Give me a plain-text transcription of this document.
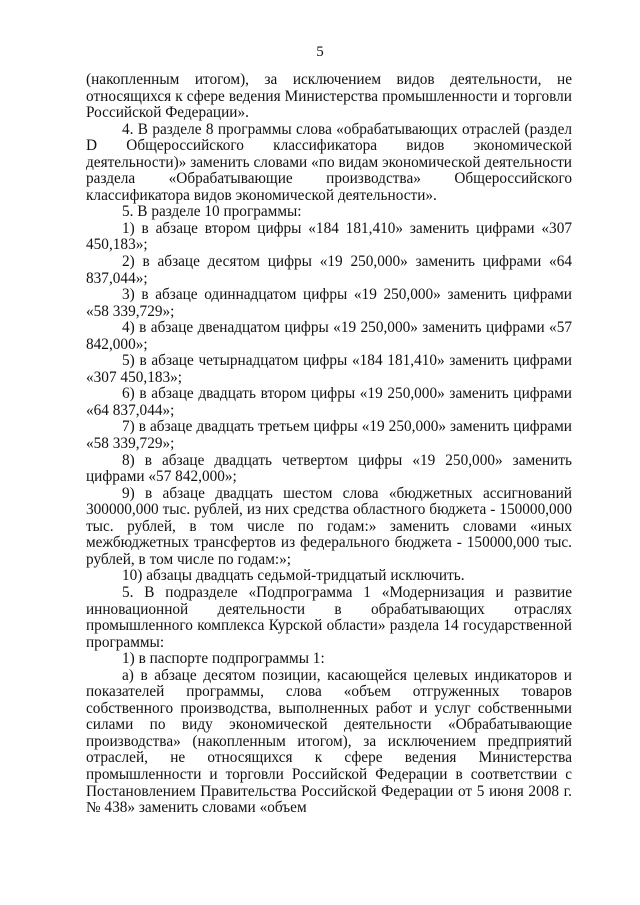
5

(накопленным итогом), за исключением видов деятельности, не относящихся к сфере ведения Министерства промышленности и торговли Российской Федерации».

4. В разделе 8 программы слова «обрабатывающих отраслей (раздел D Общероссийского классификатора видов экономической деятельности)» заменить словами «по видам экономической деятельности раздела «Обрабатывающие производства» Общероссийского классификатора видов экономической деятельности».

5. В разделе 10 программы:

1) в абзаце втором цифры «184 181,410» заменить цифрами «307 450,183»;

2) в абзаце десятом цифры «19 250,000» заменить цифрами «64 837,044»;

3) в абзаце одиннадцатом цифры «19 250,000» заменить цифрами «58 339,729»;

4) в абзаце двенадцатом цифры «19 250,000» заменить цифрами «57 842,000»;

5) в абзаце четырнадцатом цифры «184 181,410» заменить цифрами «307 450,183»;

6) в абзаце двадцать втором цифры «19 250,000» заменить цифрами «64 837,044»;

7) в абзаце двадцать третьем цифры «19 250,000» заменить цифрами «58 339,729»;

8) в абзаце двадцать четвертом цифры «19 250,000» заменить цифрами «57 842,000»;

9) в абзаце двадцать шестом слова «бюджетных ассигнований 300000,000 тыс. рублей, из них средства областного бюджета - 150000,000 тыс. рублей, в том числе по годам:» заменить словами «иных межбюджетных трансфертов из федерального бюджета - 150000,000 тыс. рублей, в том числе по годам:»;

10) абзацы двадцать седьмой-тридцатый исключить.

5. В подразделе «Подпрограмма 1 «Модернизация и развитие инновационной деятельности в обрабатывающих отраслях промышленного комплекса Курской области» раздела 14 государственной программы:

1) в паспорте подпрограммы 1:

а) в абзаце десятом позиции, касающейся целевых индикаторов и показателей программы, слова «объем отгруженных товаров собственного производства, выполненных работ и услуг собственными силами по виду экономической деятельности «Обрабатывающие производства» (накопленным итогом), за исключением предприятий отраслей, не относящихся к сфере ведения Министерства промышленности и торговли Российской Федерации в соответствии с Постановлением Правительства Российской Федерации от 5 июня 2008 г. № 438» заменить словами «объем
